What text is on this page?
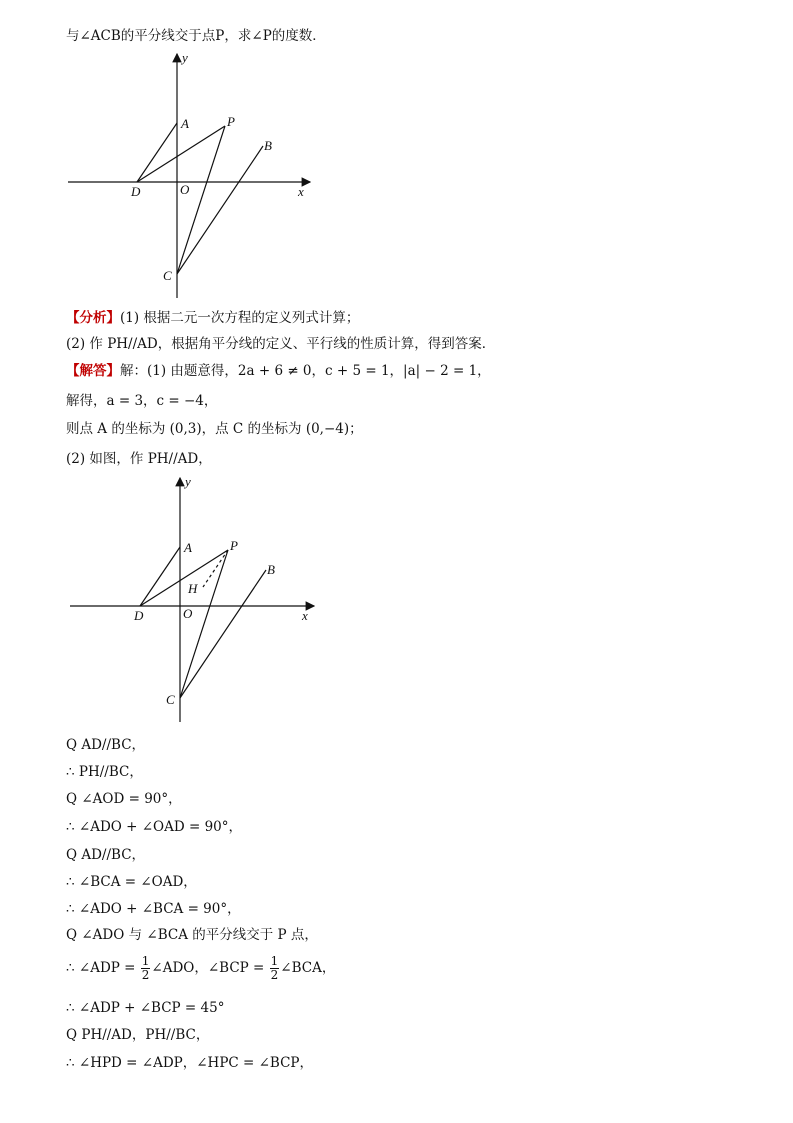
与∠ACB的平分线交于点P，求∠P的度数．
y
x
A	P
B
D	O
C
【分析】(1) 根据二元一次方程的定义列式计算；
(2) 作 PH//AD，根据角平分线的定义、平行线的性质计算，得到答案．
【解答】解：(1) 由题意得，2a + 6 ≠ 0，c + 5 = 1，|a| − 2 = 1，
解得，a = 3，c = −4，
则点 A 的坐标为 (0,3)，点 C 的坐标为 (0,−4)；
(2) 如图，作 PH//AD，
y
x
A	P
B
H
D	O
C
Q AD//BC，
∴ PH//BC，
Q ∠AOD = 90°，
∴ ∠ADO + ∠OAD = 90°，
Q AD//BC，
∴ ∠BCA = ∠OAD，
∴ ∠ADO + ∠BCA = 90°，
Q ∠ADO 与 ∠BCA 的平分线交于 P 点，
∴ ∠ADP = $\frac{1}{2}$ ∠ADO，∠BCP = $\frac{1}{2}$ ∠BCA，
∴ ∠ADP + ∠BCP = 45°
Q PH//AD，PH//BC，
∴ ∠HPD = ∠ADP，∠HPC = ∠BCP，
